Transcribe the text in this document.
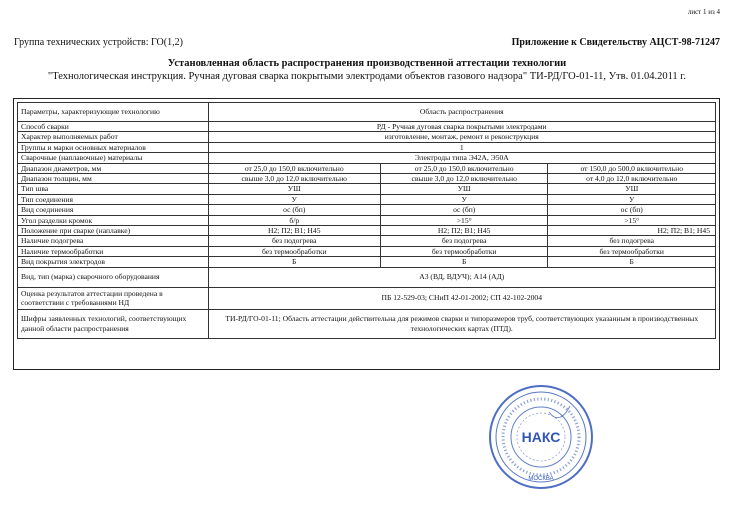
лист 1 из 4
Группа технических устройств: ГО(1,2)	Приложение к Свидетельству АЦСТ-98-71247
Установленная область распространения производственной аттестации технологии
"Технологическая инструкция. Ручная дуговая сварка покрытыми электродами объектов газового надзора" ТИ-РД/ГО-01-11, Утв. 01.04.2011 г.
Параметры, характеризующие технологию	Область распространения		
Способ сварки	РД - Ручная дуговая сварка покрытыми электродами		
Характер выполняемых работ	изготовление, монтаж, ремонт и реконструкция		
Группы и марки основных материалов	1		
Сварочные (наплавочные) материалы	Электроды типа Э42А, Э50А		
Диапазон диаметров, мм	от 25,0 до 150,0 включительно	от 25,0 до 150,0 включительно	от 150,0 до 500,0 включительно
Диапазон толщин, мм	свыше 3,0 до 12,0 включительно	свыше 3,0 до 12,0 включительно	от 4,0 до 12,0 включительно
Тип шва	УШ	УШ	УШ
Тип соединения	У	У	У
Вид соединения	ос (бп)	ос (бп)	ос (бп)
Угол разделки кромок	б/р	>15°	>15°
Положение при сварке (наплавке)	Н2; П2; В1; Н45	Н2; П2; В1; Н45	Н2; П2; В1; Н45
Наличие подогрева	без подогрева	без подогрева	без подогрева
Наличие термообработки	без термообработки	без термообработки	без термообработки
Вид покрытия электродов	Б	Б	Б
Вид, тип (марка) сварочного оборудования	А3 (ВД, ВДУЧ); А14 (АД)		
Оценка результатов аттестации проведена в соответствии с требованиями НД	ПБ 12-529-03; СНиП 42-01-2002; СП 42-102-2004		
Шифры заявленных технологий, соответствующих данной области распространения	ТИ-РД/ГО-01-11; Область аттестации действительна для режимов сварки и типоразмеров труб, соответствующих указанным в производственных технологических картах (ПТД).		
НАКС
МОСКВА
